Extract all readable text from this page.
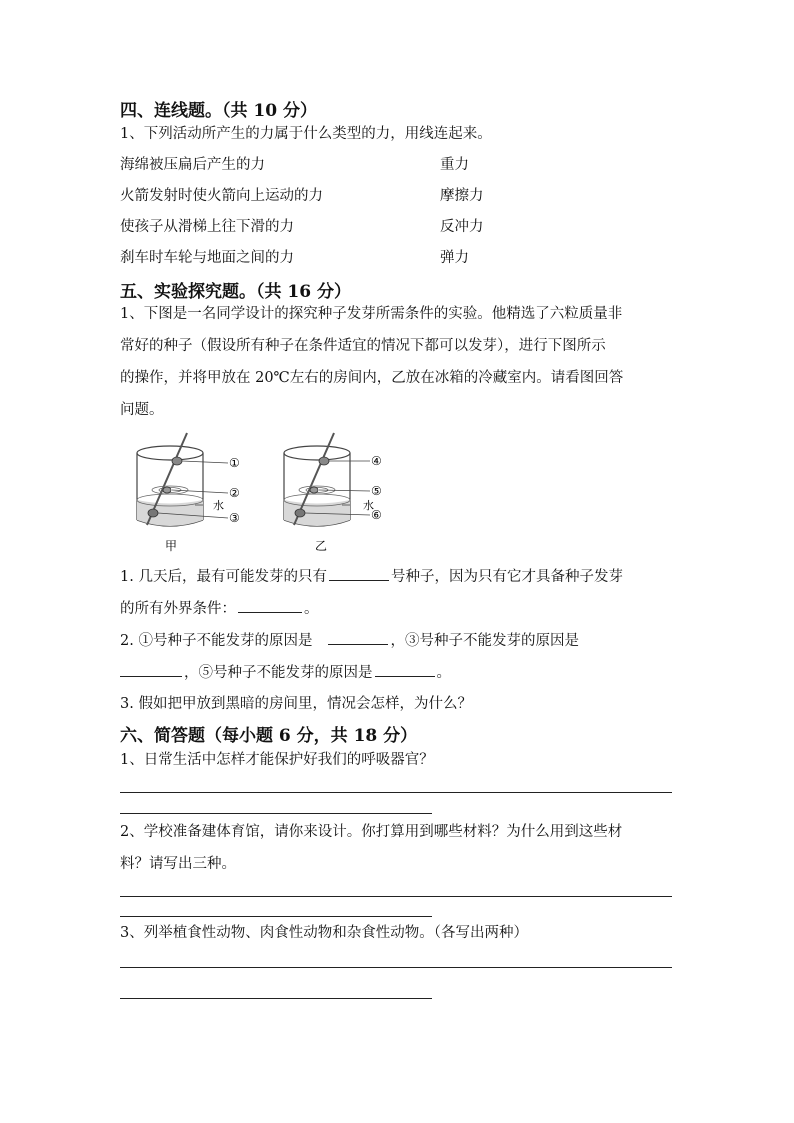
四、连线题。（共 10 分）
1、下列活动所产生的力属于什么类型的力，用线连起来。
海绵被压扁后产生的力	重力
火箭发射时使火箭向上运动的力	摩擦力
使孩子从滑梯上往下滑的力	反冲力
刹车时车轮与地面之间的力	弹力
五、实验探究题。（共 16 分）
1、下图是一名同学设计的探究种子发芽所需条件的实验。他精选了六粒质量非
常好的种子（假设所有种子在条件适宜的情况下都可以发芽），进行下图所示
的操作，并将甲放在 20℃左右的房间内，乙放在冰箱的冷藏室内。请看图回答
问题。
①
②
水
③
甲
④
⑤
水
⑥
乙
1. 几天后，最有可能发芽的只有	号种子，因为只有它才具备种子发芽
的所有外界条件：	。
2. ①号种子不能发芽的原因是	，③号种子不能发芽的原因是
，⑤号种子不能发芽的原因是	。
3. 假如把甲放到黑暗的房间里，情况会怎样，为什么？
六、简答题（每小题 6 分，共 18 分）
1、日常生活中怎样才能保护好我们的呼吸器官？
2、学校准备建体育馆，请你来设计。你打算用到哪些材料？为什么用到这些材
料？请写出三种。
3、列举植食性动物、肉食性动物和杂食性动物。（各写出两种）
